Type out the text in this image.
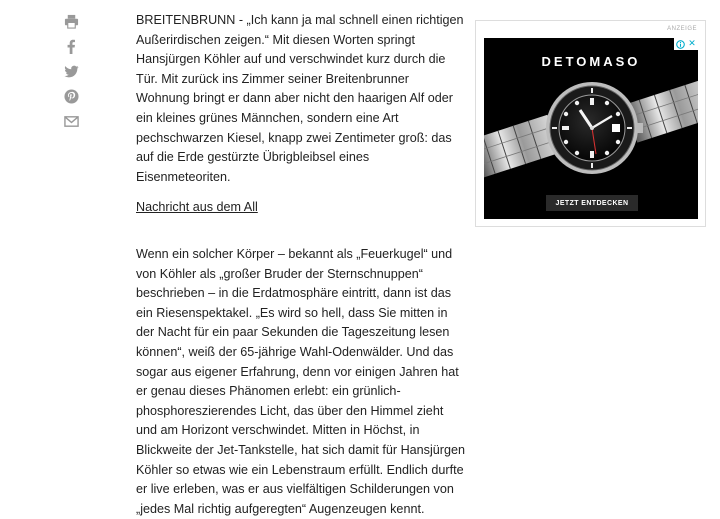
BREITENBRUNN - „Ich kann ja mal schnell einen richtigen Außerirdischen zeigen.“ Mit diesen Worten springt Hansjürgen Köhler auf und verschwindet kurz durch die Tür. Mit zurück ins Zimmer seiner Breitenbrunner Wohnung bringt er dann aber nicht den haarigen Alf oder ein kleines grünes Männchen, sondern eine Art pechschwarzen Kiesel, knapp zwei Zentimeter groß: das auf die Erde gestürzte Übrigbleibsel eines Eisenmeteoriten.

Nachricht aus dem All

Wenn ein solcher Körper – bekannt als „Feuerkugel“ und von Köhler als „großer Bruder der Sternschnuppen“ beschrieben – in die Erdatmosphäre eintritt, dann ist das ein Riesenspektakel. „Es wird so hell, dass Sie mitten in der Nacht für ein paar Sekunden die Tageszeitung lesen können“, weiß der 65-jährige Wahl-Odenwälder. Und das sogar aus eigener Erfahrung, denn vor einigen Jahren hat er genau dieses Phänomen erlebt: ein grünlich-phosphoreszierendes Licht, das über den Himmel zieht und am Horizont verschwindet. Mitten in Höchst, in Blickweite der Jet-Tankstelle, hat sich damit für Hansjürgen Köhler so etwas wie ein Lebenstraum erfüllt. Endlich durfte er live erleben, was er aus vielfältigen Schilderungen von „jedes Mal richtig aufgeregten“ Augenzeugen kennt.

ANZEIGE
✕
DETOMASO
JETZT ENTDECKEN
